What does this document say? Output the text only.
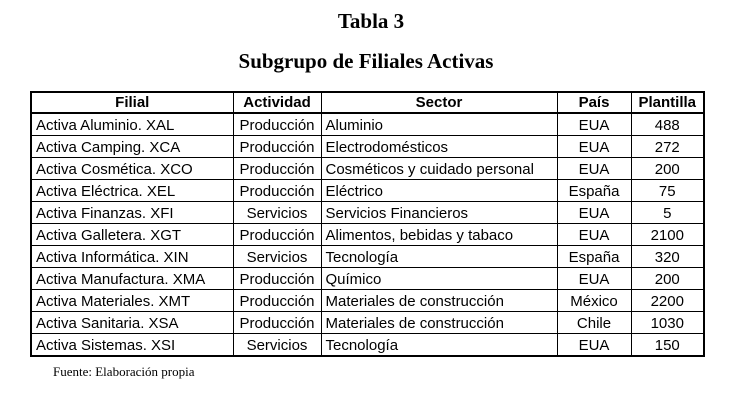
Tabla 3
Subgrupo de Filiales Activas
Filial	Actividad	Sector	País	Plantilla
Activa Aluminio. XAL	Producción	Aluminio	EUA	488
Activa Camping. XCA	Producción	Electrodomésticos	EUA	272
Activa Cosmética. XCO	Producción	Cosméticos y cuidado personal	EUA	200
Activa Eléctrica. XEL	Producción	Eléctrico	España	75
Activa Finanzas. XFI	Servicios	Servicios Financieros	EUA	5
Activa Galletera. XGT	Producción	Alimentos, bebidas y tabaco	EUA	2100
Activa Informática. XIN	Servicios	Tecnología	España	320
Activa Manufactura. XMA	Producción	Químico	EUA	200
Activa Materiales. XMT	Producción	Materiales de construcción	México	2200
Activa Sanitaria. XSA	Producción	Materiales de construcción	Chile	1030
Activa Sistemas. XSI	Servicios	Tecnología	EUA	150
Fuente: Elaboración propia
